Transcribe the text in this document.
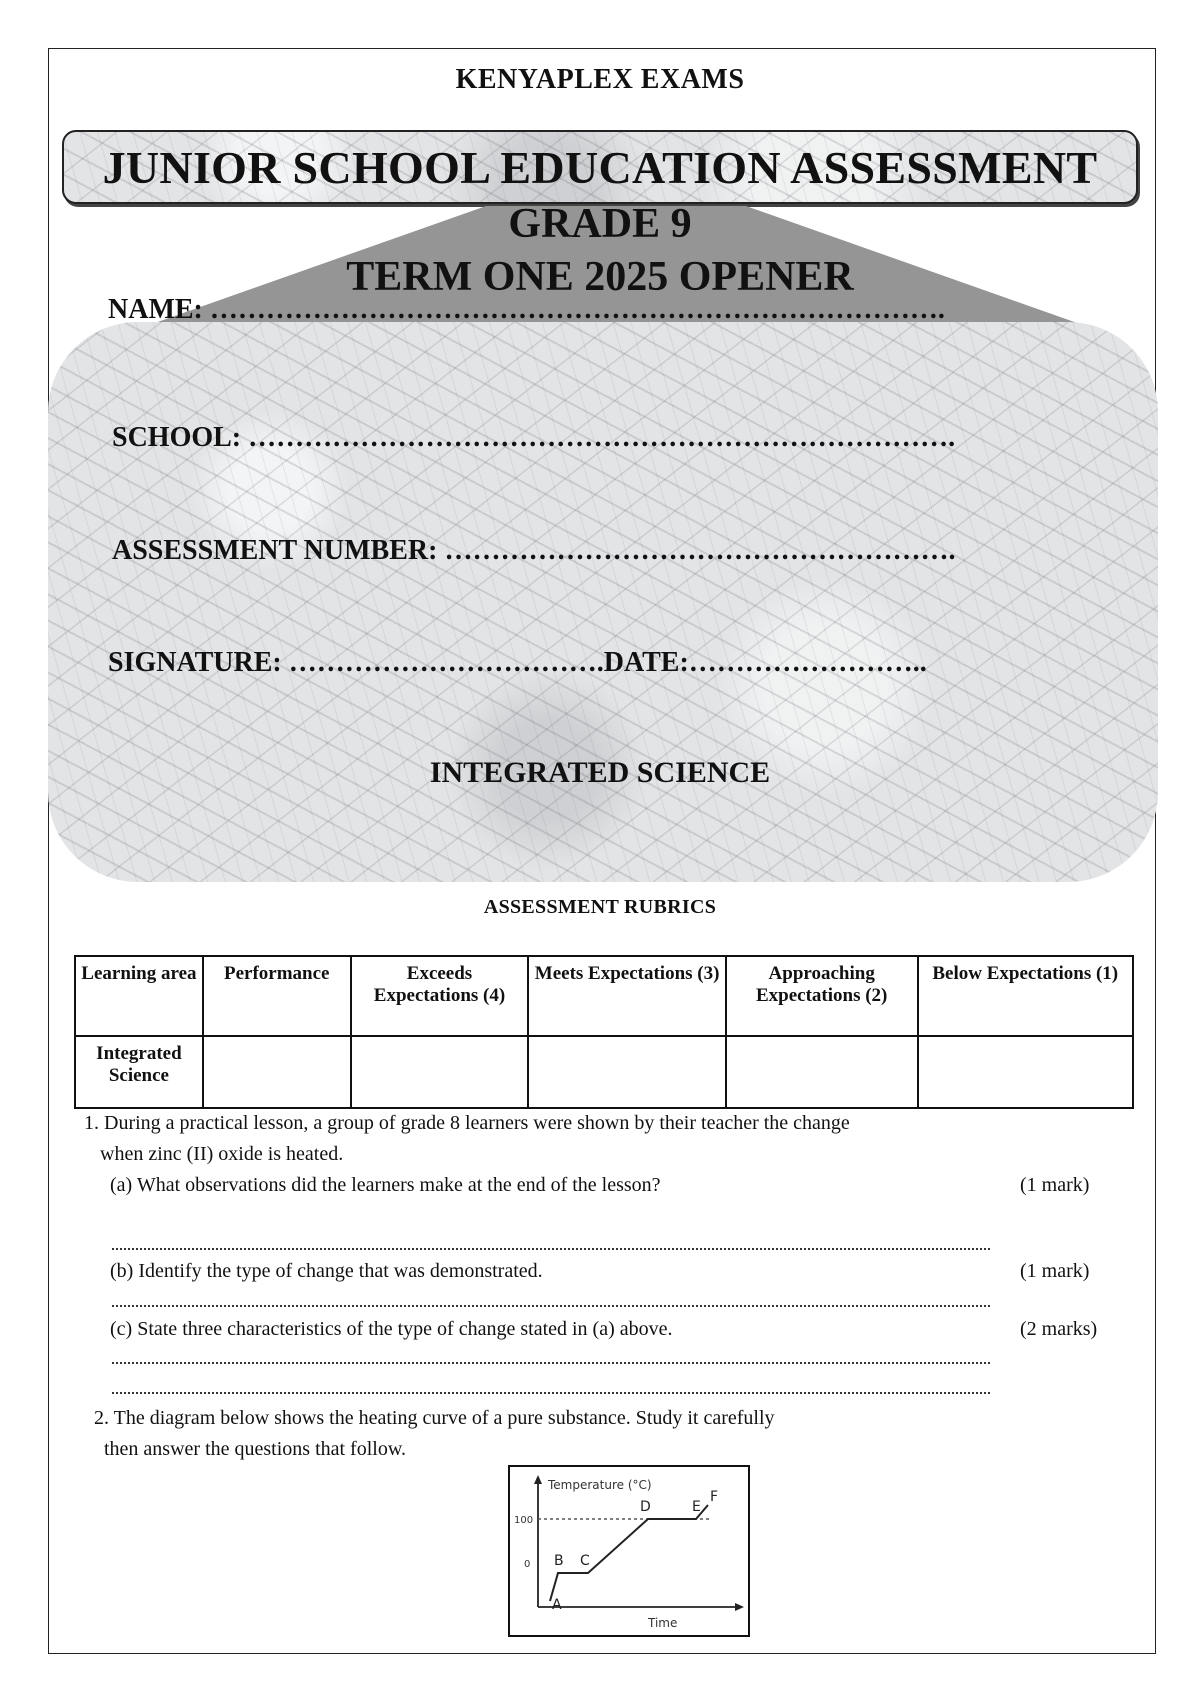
KENYAPLEX EXAMS
JUNIOR SCHOOL EDUCATION ASSESSMENT
GRADE 9
TERM ONE 2025 OPENER
NAME: …………………………………………………………………….
SCHOOL: ………………………………………………………………….
ASSESSMENT NUMBER: ……………………………………………….
SIGNATURE: …………………………….DATE:……………………..
INTEGRATED SCIENCE
ASSESSMENT RUBRICS
Learning area	Performance	Exceeds Expectations (4)	Meets Expectations (3)	Approaching Expectations (2)	Below Expectations (1)
Integrated Science					
1. During a practical lesson, a group of grade 8 learners were shown by their teacher the change
when zinc (II) oxide is heated.
(a) What observations did the learners make at the end of the lesson?	(1 mark)
(b) Identify the type of change that was demonstrated.	(1 mark)
(c) State three characteristics of the type of change stated in (a) above.	(2 marks)
2. The diagram below shows the heating curve of a pure substance. Study it carefully
then answer the questions that follow.
Temperature (°C)
Time
100
0
A
B C
D	E
F
